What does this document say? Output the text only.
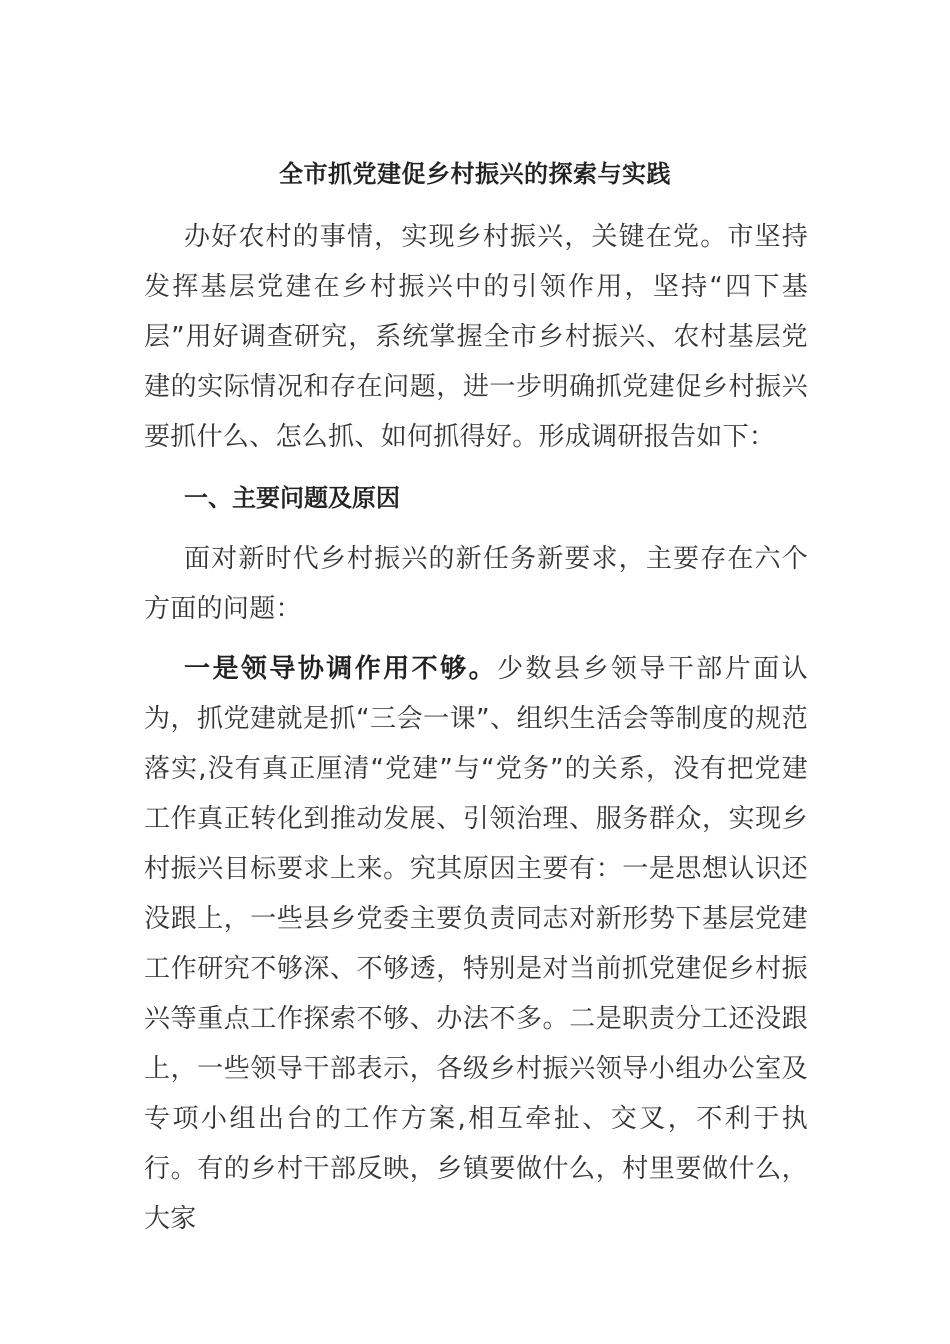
全市抓党建促乡村振兴的探索与实践

办好农村的事情，实现乡村振兴，关键在党。市坚持发挥基层党建在乡村振兴中的引领作用，坚持“四下基层”用好调查研究，系统掌握全市乡村振兴、农村基层党建的实际情况和存在问题，进一步明确抓党建促乡村振兴要抓什么、怎么抓、如何抓得好。形成调研报告如下：

一、主要问题及原因

面对新时代乡村振兴的新任务新要求，主要存在六个方面的问题：

一是领导协调作用不够。少数县乡领导干部片面认为，抓党建就是抓“三会一课”、组织生活会等制度的规范落实,没有真正厘清“党建”与“党务”的关系，没有把党建工作真正转化到推动发展、引领治理、服务群众，实现乡村振兴目标要求上来。究其原因主要有：一是思想认识还没跟上，一些县乡党委主要负责同志对新形势下基层党建工作研究不够深、不够透，特别是对当前抓党建促乡村振兴等重点工作探索不够、办法不多。二是职责分工还没跟上，一些领导干部表示，各级乡村振兴领导小组办公室及专项小组出台的工作方案,相互牵扯、交叉，不利于执行。有的乡村干部反映，乡镇要做什么，村里要做什么，大家
